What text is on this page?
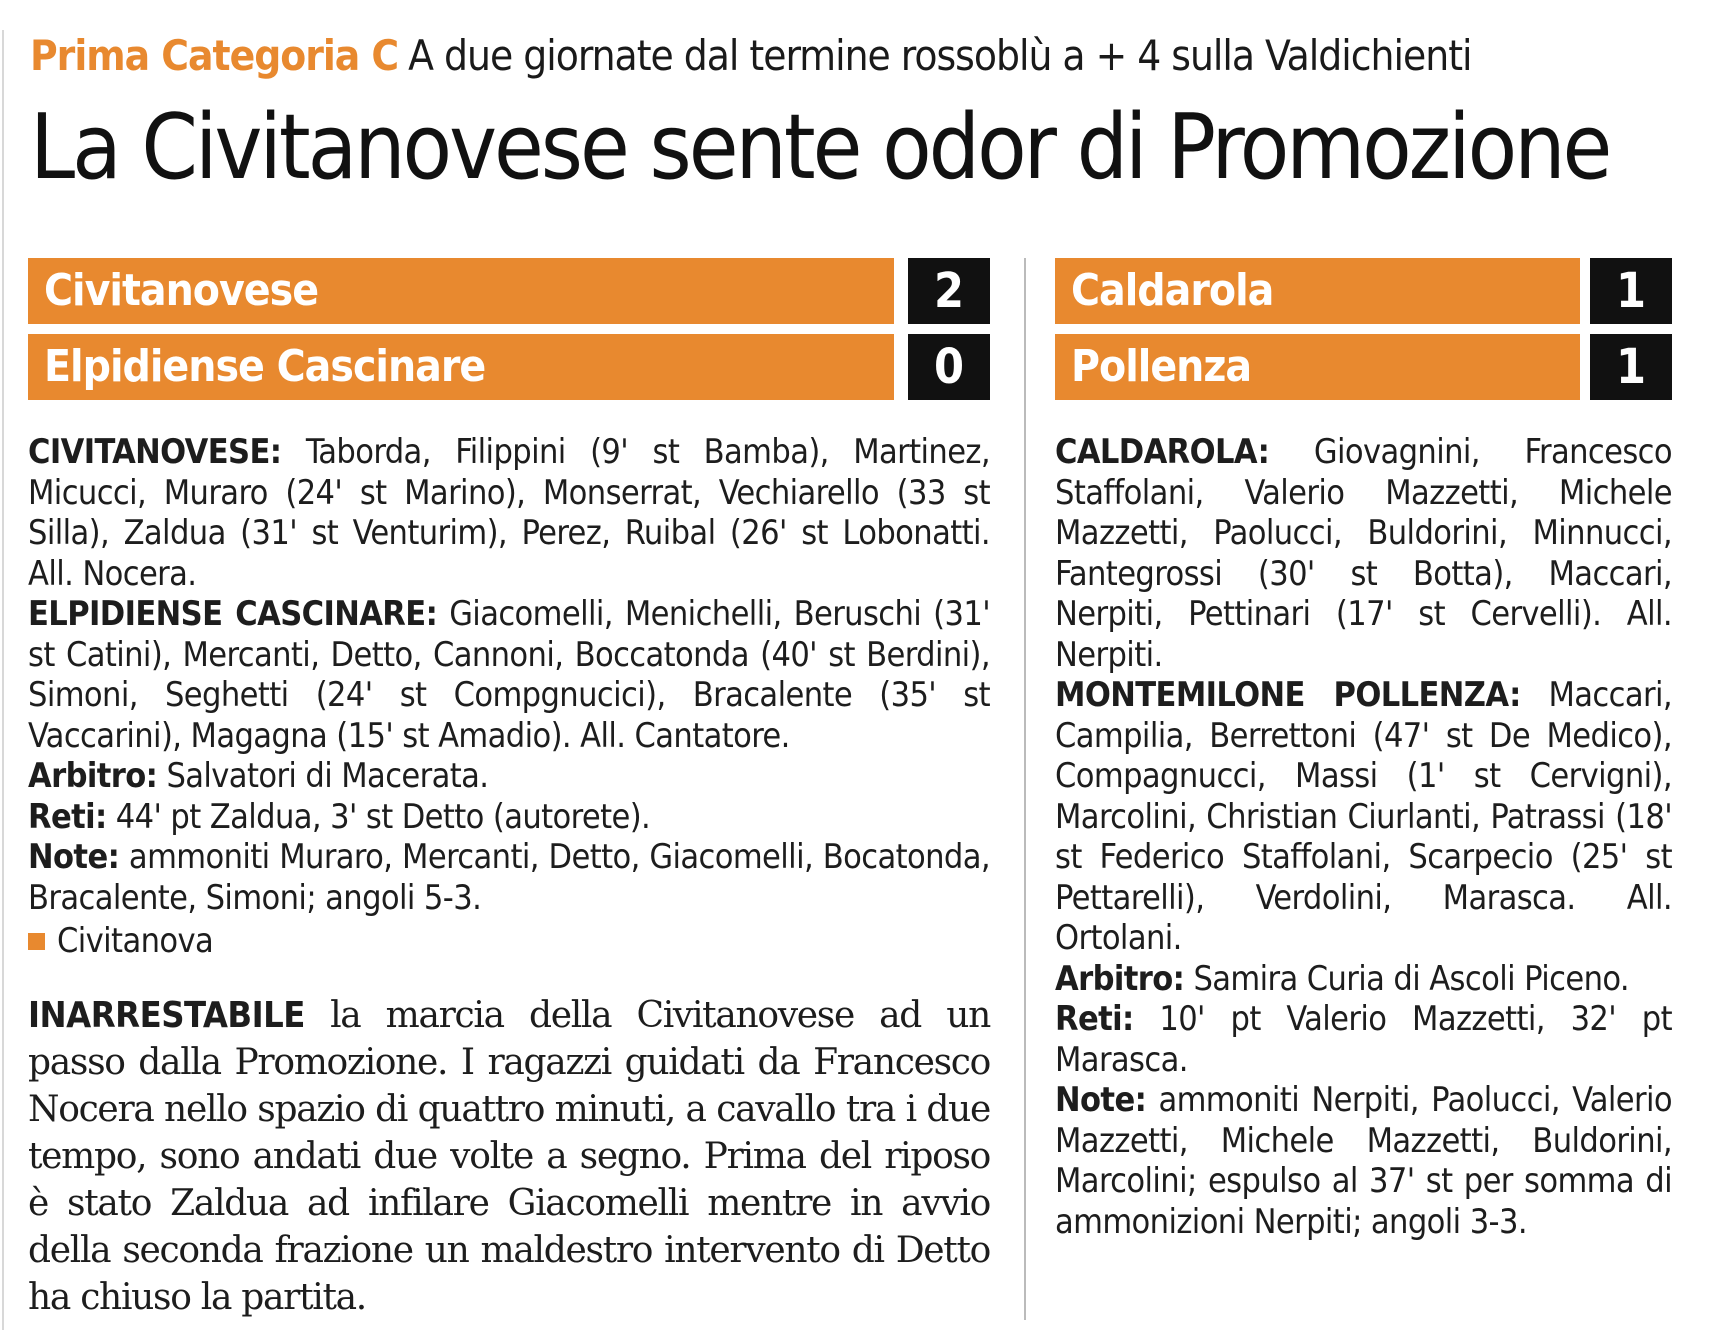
Prima Categoria C A due giornate dal termine rossoblù a + 4 sulla Valdichienti
La Civitanovese sente odor di Promozione
Civitanovese	2
Elpidiense Cascinare	0

CIVITANOVESE: Taborda, Filippini (9' st Bamba), Martinez, Micucci, Muraro (24' st Marino), Monserrat, Vechiarello (33 st Silla), Zaldua (31' st Venturim), Perez, Ruibal (26' st Lobonatti. All. Nocera.

ELPIDIENSE CASCINARE: Giacomelli, Menichelli, Beruschi (31' st Catini), Mercanti, Detto, Cannoni, Boccatonda (40' st Berdini), Simoni, Seghetti (24' st Compgnucici), Bracalente (35' st Vaccarini), Magagna (15' st Amadio). All. Cantatore.

Arbitro: Salvatori di Macerata.

Reti: 44' pt Zaldua, 3' st Detto (autorete).

Note: ammoniti Muraro, Mercanti, Detto, Giacomelli, Bocatonda, Bracalente, Simoni; angoli 5-3.

Civitanova
INARRESTABILE la marcia della Civitanovese ad un passo dalla Promozione. I ragazzi guidati da Francesco Nocera nello spazio di quattro minuti, a cavallo tra i due tempo, sono andati due volte a segno. Prima del riposo è stato Zaldua ad infilare Giacomelli mentre in avvio della seconda frazione un maldestro intervento di Detto ha chiuso la partita.
Caldarola	1
Pollenza	1

CALDAROLA: Giovagnini, Francesco Staffolani, Valerio Mazzetti, Michele Mazzetti, Paolucci, Buldorini, Minnucci, Fantegrossi (30' st Botta), Maccari, Nerpiti, Pettinari (17' st Cervelli). All. Nerpiti.

MONTEMILONE POLLENZA: Maccari, Campilia, Berrettoni (47' st De Medico), Compagnucci, Massi (1' st Cervigni), Marcolini, Christian Ciurlanti, Patrassi (18' st Federico Staffolani, Scarpecio (25' st Pettarelli), Verdolini, Marasca. All. Ortolani.

Arbitro: Samira Curia di Ascoli Piceno.

Reti: 10' pt Valerio Mazzetti, 32' pt Marasca.

Note: ammoniti Nerpiti, Paolucci, Valerio Mazzetti, Michele Mazzetti, Buldorini, Marcolini; espulso al 37' st per somma di ammonizioni Nerpiti; angoli 3-3.
